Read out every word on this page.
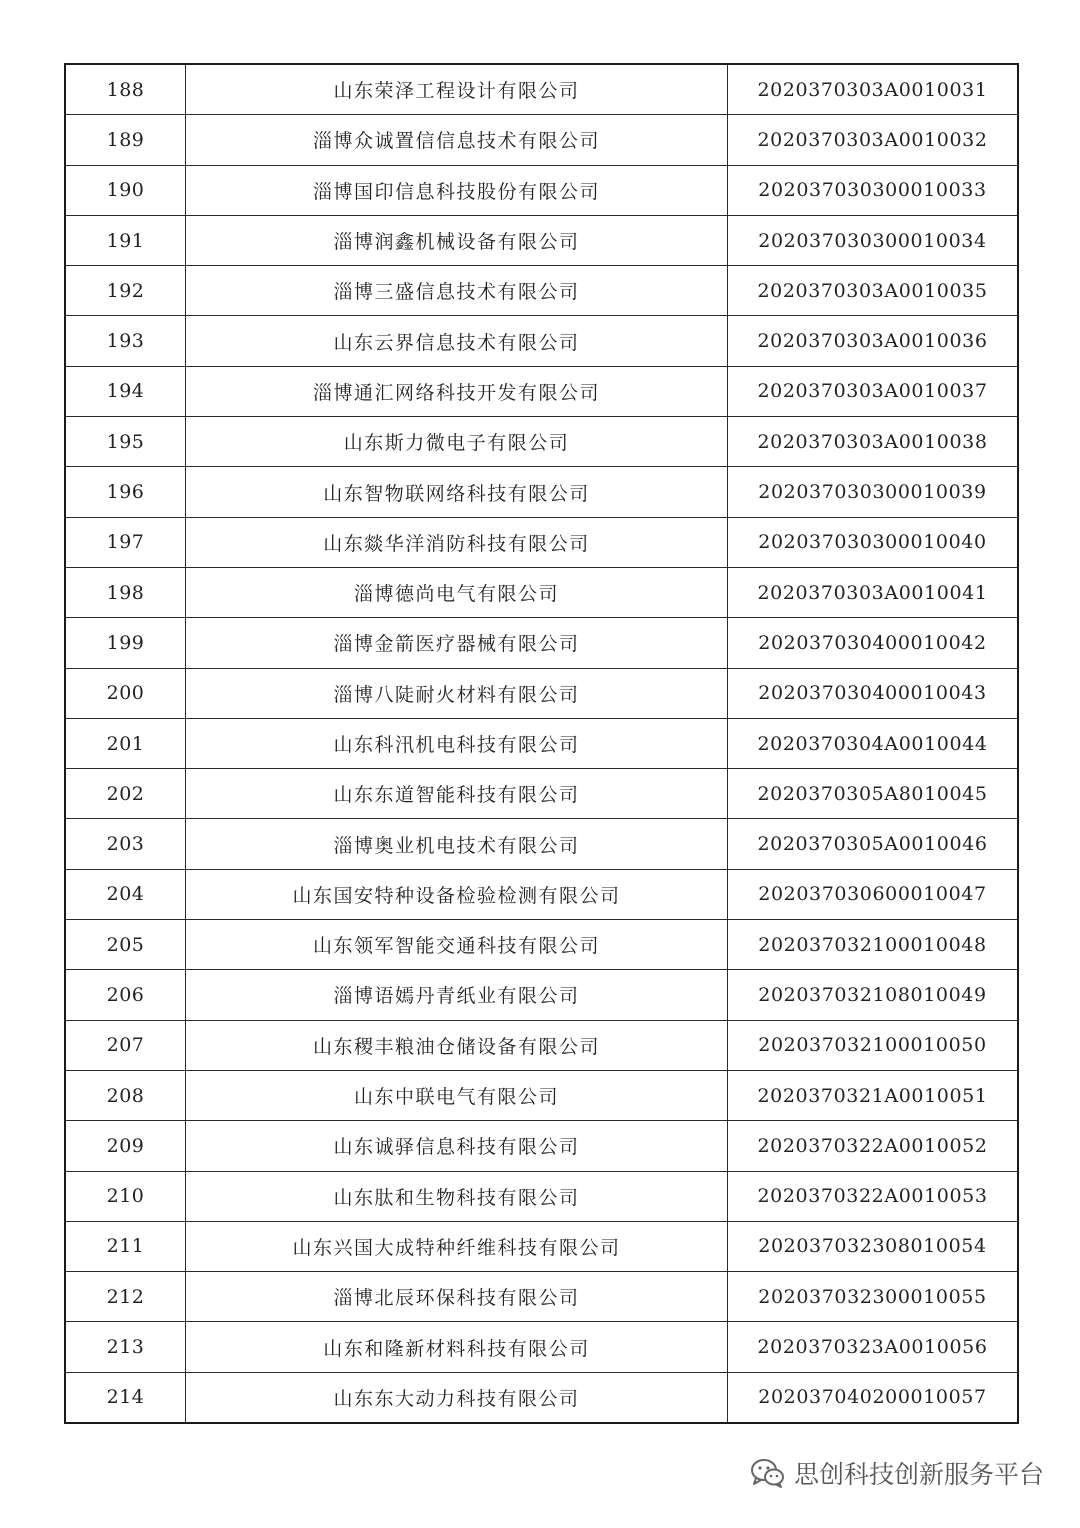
188	山东荣泽工程设计有限公司	2020370303A0010031
189	淄博众诚置信信息技术有限公司	2020370303A0010032
190	淄博国印信息科技股份有限公司	202037030300010033
191	淄博润鑫机械设备有限公司	202037030300010034
192	淄博三盛信息技术有限公司	2020370303A0010035
193	山东云界信息技术有限公司	2020370303A0010036
194	淄博通汇网络科技开发有限公司	2020370303A0010037
195	山东斯力微电子有限公司	2020370303A0010038
196	山东智物联网络科技有限公司	202037030300010039
197	山东燚华洋消防科技有限公司	202037030300010040
198	淄博德尚电气有限公司	2020370303A0010041
199	淄博金箭医疗器械有限公司	202037030400010042
200	淄博八陡耐火材料有限公司	202037030400010043
201	山东科汛机电科技有限公司	2020370304A0010044
202	山东东道智能科技有限公司	2020370305A8010045
203	淄博奥业机电技术有限公司	2020370305A0010046
204	山东国安特种设备检验检测有限公司	202037030600010047
205	山东领军智能交通科技有限公司	202037032100010048
206	淄博语嫣丹青纸业有限公司	202037032108010049
207	山东稷丰粮油仓储设备有限公司	202037032100010050
208	山东中联电气有限公司	2020370321A0010051
209	山东诚驿信息科技有限公司	2020370322A0010052
210	山东肽和生物科技有限公司	2020370322A0010053
211	山东兴国大成特种纤维科技有限公司	202037032308010054
212	淄博北辰环保科技有限公司	202037032300010055
213	山东和隆新材料科技有限公司	2020370323A0010056
214	山东东大动力科技有限公司	202037040200010057
思创科技创新服务平台
